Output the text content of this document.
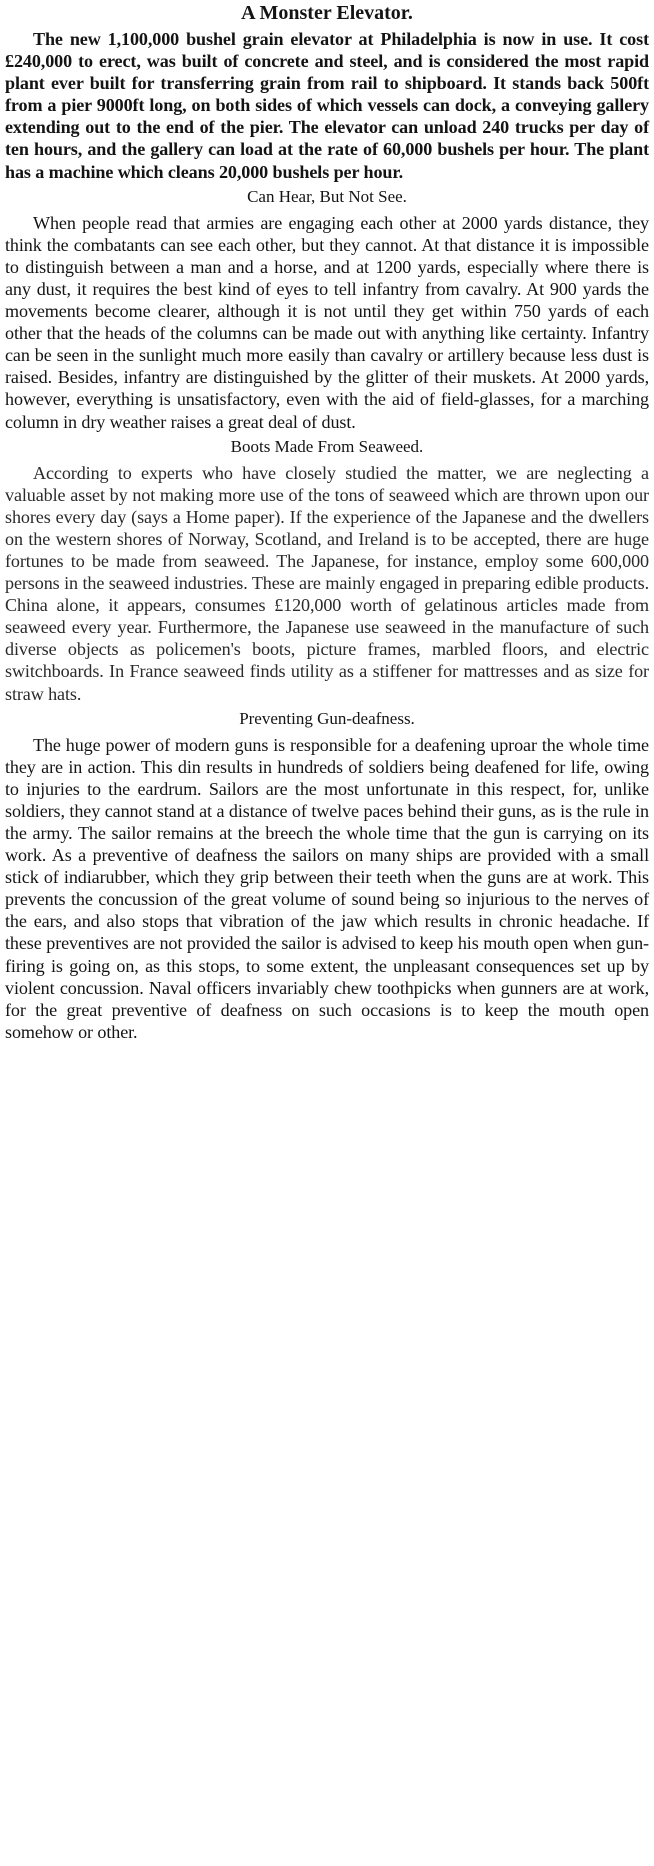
A Monster Elevator.

The new 1,100,000 bushel grain elevator at Philadelphia is now in use. It cost £240,000 to erect, was built of concrete and steel, and is considered the most rapid plant ever built for transferring grain from rail to shipboard. It stands back 500ft from a pier 9000ft long, on both sides of which vessels can dock, a conveying gallery extending out to the end of the pier. The elevator can unload 240 trucks per day of ten hours, and the gallery can load at the rate of 60,000 bushels per hour. The plant has a machine which cleans 20,000 bushels per hour.

Can Hear, But Not See.

When people read that armies are engaging each other at 2000 yards distance, they think the combatants can see each other, but they cannot. At that distance it is impossible to distinguish between a man and a horse, and at 1200 yards, especially where there is any dust, it requires the best kind of eyes to tell infantry from cavalry. At 900 yards the movements become clearer, although it is not until they get within 750 yards of each other that the heads of the columns can be made out with anything like certainty. Infantry can be seen in the sunlight much more easily than cavalry or artillery because less dust is raised. Besides, infantry are distinguished by the glitter of their muskets. At 2000 yards, however, everything is unsatisfactory, even with the aid of field-glasses, for a marching column in dry weather raises a great deal of dust.

Boots Made From Seaweed.

According to experts who have closely studied the matter, we are neglecting a valuable asset by not making more use of the tons of seaweed which are thrown upon our shores every day (says a Home paper). If the experience of the Japanese and the dwellers on the western shores of Norway, Scotland, and Ireland is to be accepted, there are huge fortunes to be made from seaweed. The Japanese, for instance, employ some 600,000 persons in the seaweed industries. These are mainly engaged in preparing edible products. China alone, it appears, consumes £120,000 worth of gelatinous articles made from seaweed every year. Furthermore, the Japanese use seaweed in the manufacture of such diverse objects as policemen's boots, picture frames, marbled floors, and electric switchboards. In France seaweed finds utility as a stiffener for mattresses and as size for straw hats.

Preventing Gun-deafness.

The huge power of modern guns is responsible for a deafening uproar the whole time they are in action. This din results in hundreds of soldiers being deafened for life, owing to injuries to the eardrum. Sailors are the most unfortunate in this respect, for, unlike soldiers, they cannot stand at a distance of twelve paces behind their guns, as is the rule in the army. The sailor remains at the breech the whole time that the gun is carrying on its work. As a preventive of deafness the sailors on many ships are provided with a small stick of indiarubber, which they grip between their teeth when the guns are at work. This prevents the concussion of the great volume of sound being so injurious to the nerves of the ears, and also stops that vibration of the jaw which results in chronic headache. If these preventives are not provided the sailor is advised to keep his mouth open when gun-firing is going on, as this stops, to some extent, the unpleasant consequences set up by violent concussion. Naval officers invariably chew toothpicks when gunners are at work, for the great preventive of deafness on such occasions is to keep the mouth open somehow or other.
